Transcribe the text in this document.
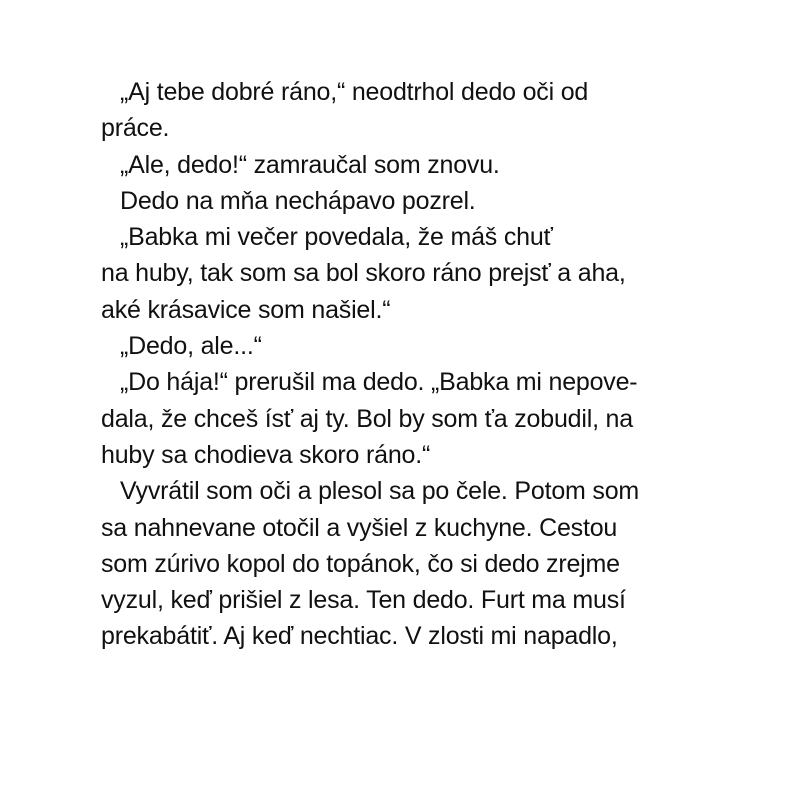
„Aj tebe dobré ráno,“ neodtrhol dedo oči od
práce.
„Ale, dedo!“ zamraučal som znovu.
Dedo na mňa nechápavo pozrel.
„Babka mi večer povedala, že máš chuť
na huby, tak som sa bol skoro ráno prejsť a aha,
aké krásavice som našiel.“
„Dedo, ale...“
„Do hája!“ prerušil ma dedo. „Babka mi nepove-
dala, že chceš ísť aj ty. Bol by som ťa zobudil, na
huby sa chodieva skoro ráno.“
Vyvrátil som oči a plesol sa po čele. Potom som
sa nahnevane otočil a vyšiel z kuchyne. Cestou
som zúrivo kopol do topánok, čo si dedo zrejme
vyzul, keď prišiel z lesa. Ten dedo. Furt ma musí
prekabátiť. Aj keď nechtiac. V zlosti mi napadlo,
